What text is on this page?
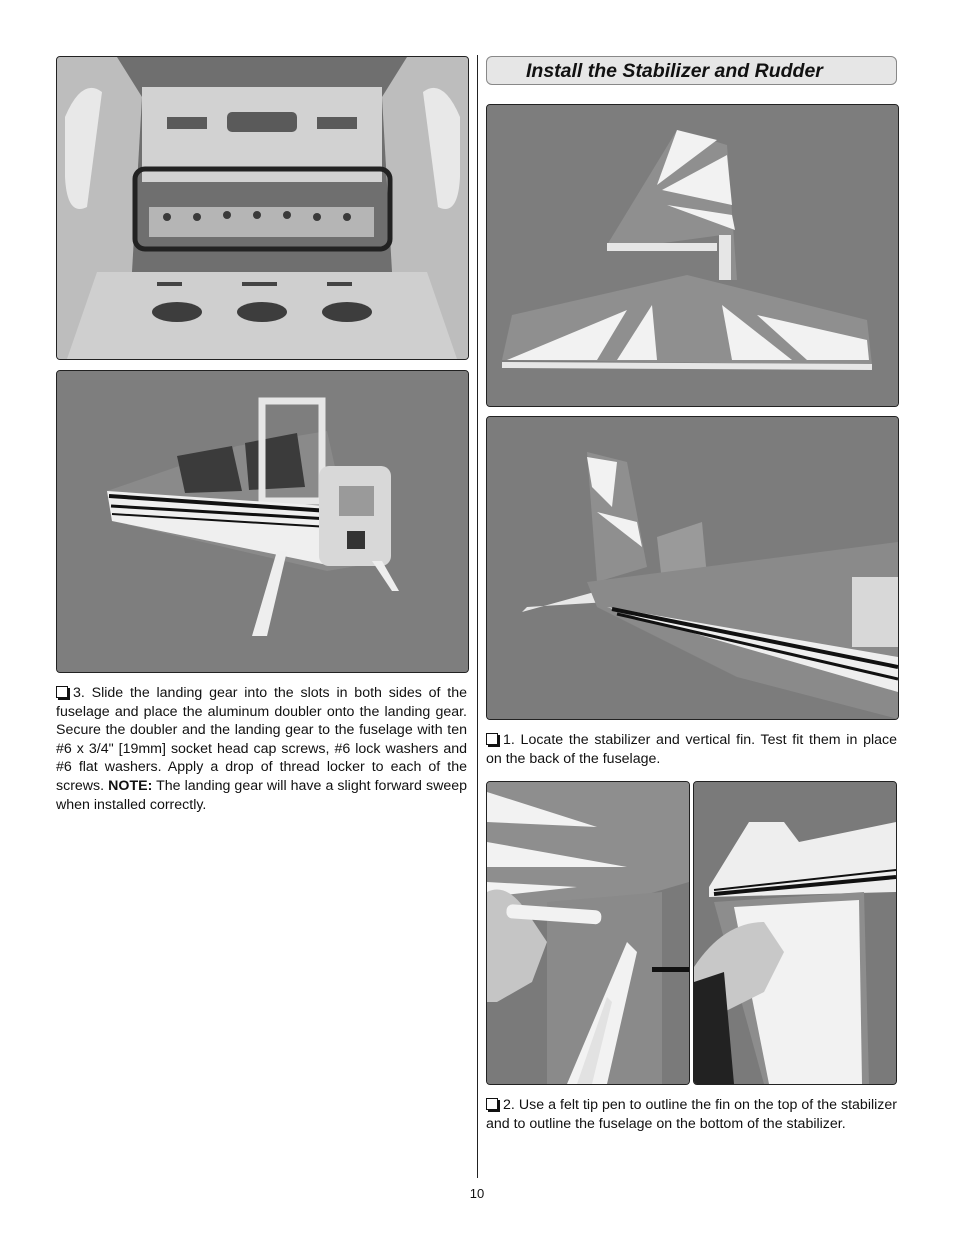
3. Slide the landing gear into the slots in both sides of the fuselage and place the aluminum doubler onto the landing gear. Secure the doubler and the landing gear to the fuselage with ten #6 x 3/4" [19mm] socket head cap screws, #6 lock washers and #6 flat washers. Apply a drop of thread locker to each of the screws. NOTE: The landing gear will have a slight forward sweep when installed correctly.

Install the Stabilizer and Rudder

1. Locate the stabilizer and vertical fin. Test fit them in place on the back of the fuselage.

2. Use a felt tip pen to outline the fin on the top of the stabilizer and to outline the fuselage on the bottom of the stabilizer.

10
